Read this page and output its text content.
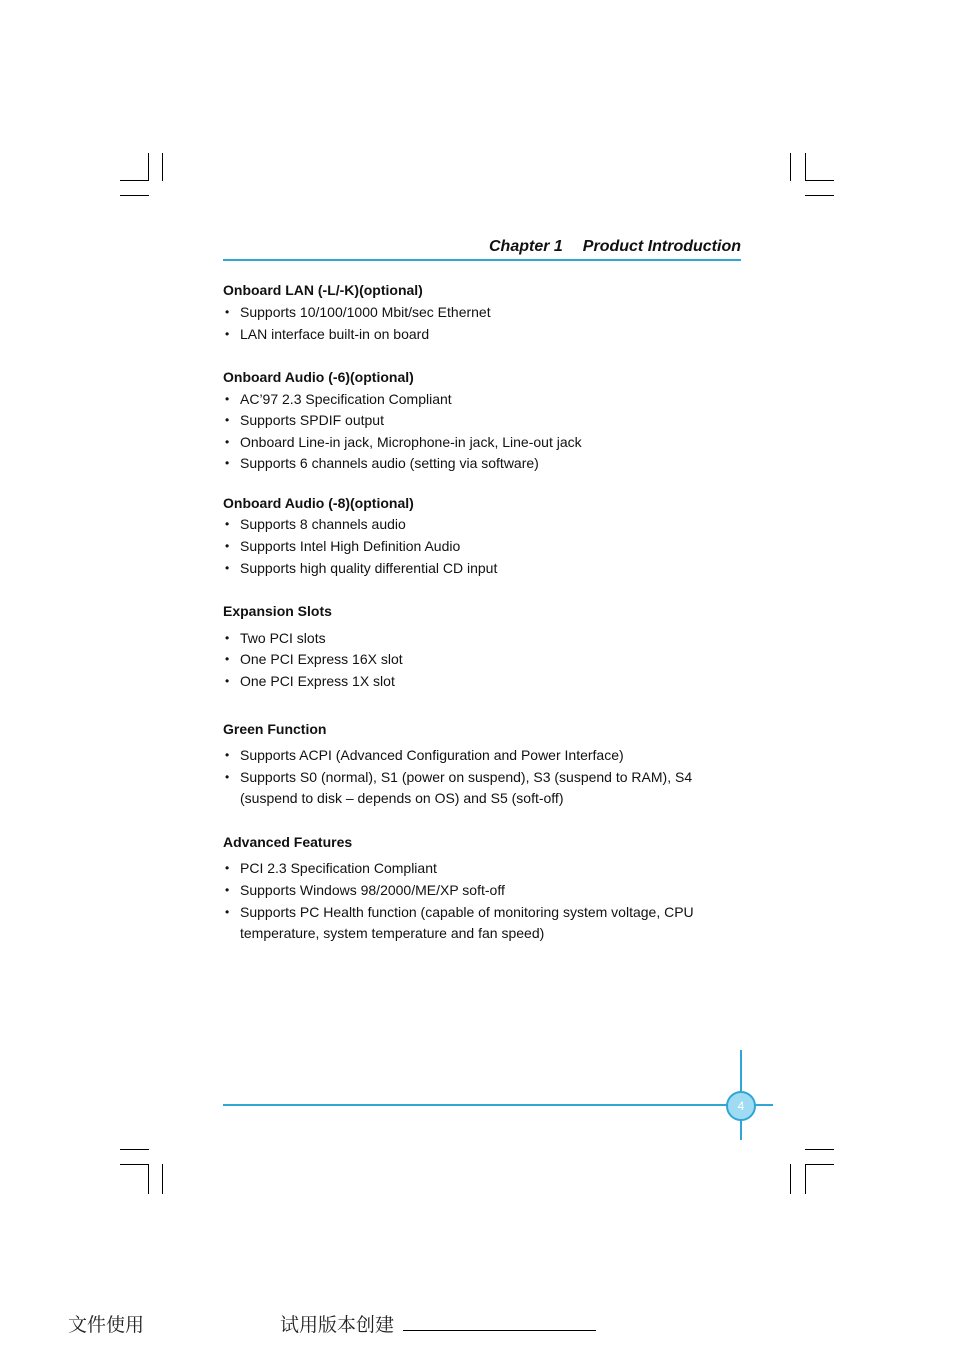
Chapter 1 Product Introduction
Onboard LAN (-L/-K)(optional)
• Supports 10/100/1000 Mbit/sec Ethernet
• LAN interface built-in on board
Onboard Audio (-6)(optional)
• AC’97 2.3 Specification Compliant
• Supports SPDIF output
• Onboard Line-in jack, Microphone-in jack, Line-out jack
• Supports 6 channels audio (setting via software)
Onboard Audio (-8)(optional)
• Supports 8 channels audio
• Supports Intel High Definition Audio
• Supports high quality differential CD input
Expansion Slots
• Two PCI slots
• One PCI Express 16X slot
• One PCI Express 1X slot
Green Function
• Supports ACPI (Advanced Configuration and Power Interface)
• Supports S0 (normal), S1 (power on suspend), S3 (suspend to RAM), S4 (suspend to disk – depends on OS) and S5 (soft-off)
Advanced Features
• PCI 2.3 Specification Compliant
• Supports Windows 98/2000/ME/XP soft-off
• Supports PC Health function (capable of monitoring system voltage, CPU temperature, system temperature and fan speed)
4
文件使用	试用版本创建
